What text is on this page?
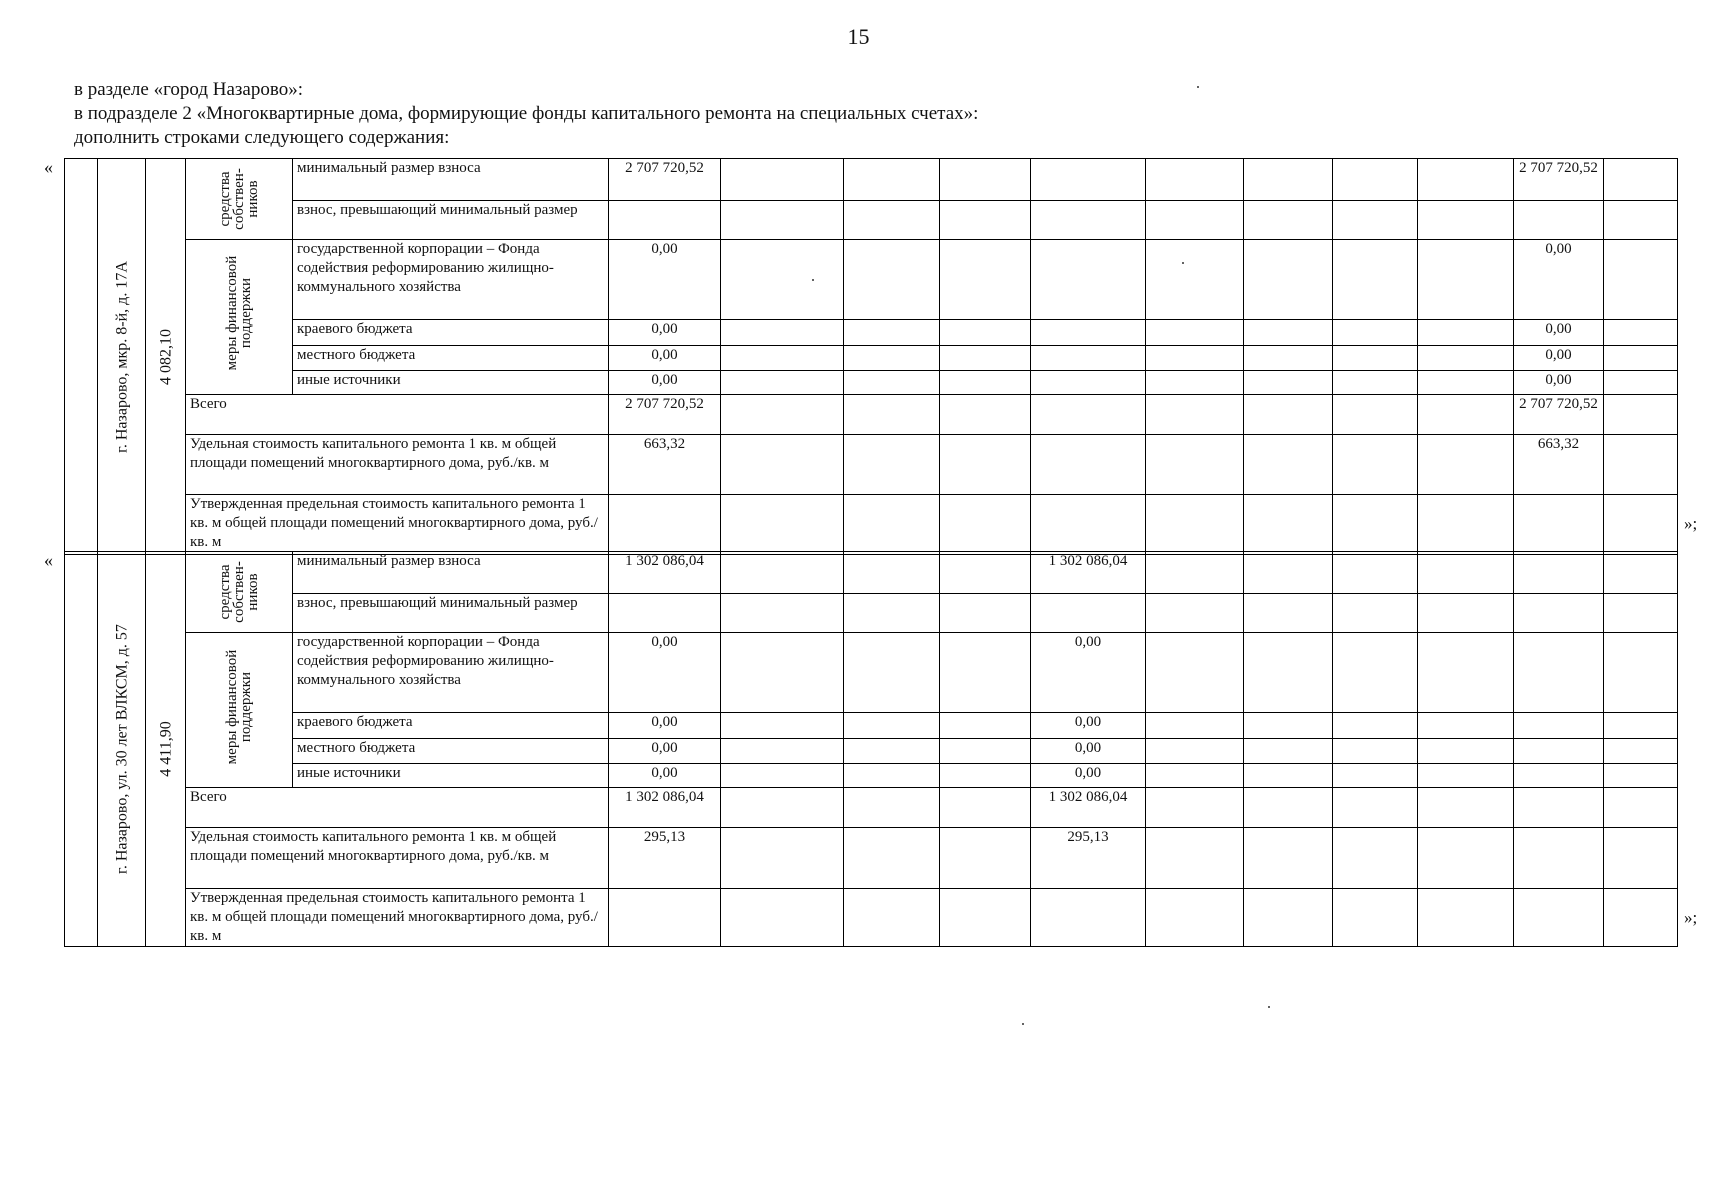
15
в разделе «город Назарово»:
в подразделе 2 «Многоквартирные дома, формирующие фонды капитального ремонта на специальных счетах»:
дополнить строками следующего содержания:
«

	г. Назарово, мкр. 8-й, д. 17А	4 082,10	средства собствен-ников	минимальный размер взноса	2 707 720,52									2 707 720,52	
				взнос, превышающий минимальный размер											

			меры финансовой поддержки	государственной корпорации – Фонда содействия реформированию жилищно-коммунального хозяйства	0,00									0,00	
				краевого бюджета	0,00									0,00	
				местного бюджета	0,00									0,00	
				иные источники	0,00									0,00	
			Всего		2 707 720,52									2 707 720,52	
			Удельная стоимость капитального ремонта 1 кв. м общей площади помещений многоквартирного дома, руб./кв. м		663,32									663,32	
			Утвержденная предельная стоимость капитального ремонта 1 кв. м общей площади помещений многоквартирного дома, руб./кв. м												
»;
«

	г. Назарово, ул. 30 лет ВЛКСМ, д. 57	4 411,90	средства собствен-ников	минимальный размер взноса	1 302 086,04				1 302 086,04						
				взнос, превышающий минимальный размер											

			меры финансовой поддержки	государственной корпорации – Фонда содействия реформированию жилищно-коммунального хозяйства	0,00				0,00						
				краевого бюджета	0,00				0,00						
				местного бюджета	0,00				0,00						
				иные источники	0,00				0,00						
			Всего		1 302 086,04				1 302 086,04						
			Удельная стоимость капитального ремонта 1 кв. м общей площади помещений многоквартирного дома, руб./кв. м		295,13				295,13						
			Утвержденная предельная стоимость капитального ремонта 1 кв. м общей площади помещений многоквартирного дома, руб./кв. м												
»;
